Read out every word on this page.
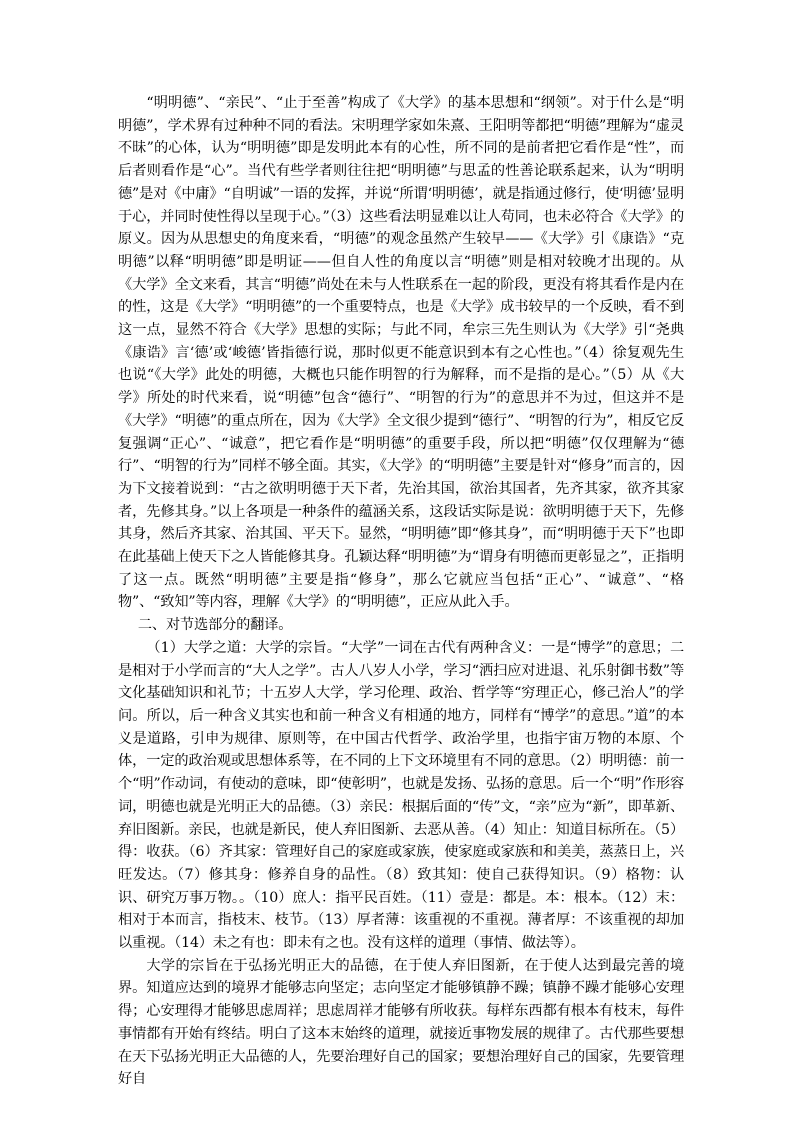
“明明德”、“亲民”、“止于至善”构成了《大学》的基本思想和“纲领”。对于什么是“明明德”，学术界有过种种不同的看法。宋明理学家如朱熹、王阳明等都把“明德”理解为“虚灵不昧”的心体，认为“明明德”即是发明此本有的心性，所不同的是前者把它看作是“性”，而后者则看作是“心”。当代有些学者则往往把“明明德”与思孟的性善论联系起来，认为“明明德”是对《中庸》“自明诚”一语的发挥，并说“所谓‘明明德’，就是指通过修行，使‘明德’显明于心，并同时使性得以呈现于心。”（3）这些看法明显难以让人苟同，也未必符合《大学》的原义。因为从思想史的角度来看，“明德”的观念虽然产生较早——《大学》引《康诰》“克明德”以释“明明德”即是明证——但自人性的角度以言“明德”则是相对较晚才出现的。从《大学》全文来看，其言“明德”尚处在未与人性联系在一起的阶段，更没有将其看作是内在的性，这是《大学》“明明德”的一个重要特点，也是《大学》成书较早的一个反映，看不到这一点，显然不符合《大学》思想的实际；与此不同，牟宗三先生则认为《大学》引“尧典《康诰》言‘德’或‘峻德’皆指德行说，那时似更不能意识到本有之心性也。”（4）徐复观先生也说“《大学》此处的明德，大概也只能作明智的行为解释，而不是指的是心。”（5）从《大学》所处的时代来看，说“明德”包含“德行”、“明智的行为”的意思并不为过，但这并不是《大学》“明德”的重点所在，因为《大学》全文很少提到“德行”、“明智的行为”，相反它反复强调“正心”、“诚意”，把它看作是“明明德”的重要手段，所以把“明德”仅仅理解为“德行”、“明智的行为”同样不够全面。其实，《大学》的“明明德”主要是针对“修身”而言的，因为下文接着说到：“古之欲明明德于天下者，先治其国，欲治其国者，先齐其家，欲齐其家者，先修其身。”以上各项是一种条件的蕴涵关系，这段话实际是说：欲明明德于天下，先修其身，然后齐其家、治其国、平天下。显然，“明明德”即“修其身”，而“明明德于天下”也即在此基础上使天下之人皆能修其身。孔颖达释“明明德”为“谓身有明德而更彰显之”，正指明了这一点。既然“明明德”主要是指“修身”，那么它就应当包括“正心”、“诚意”、“格物”、“致知”等内容，理解《大学》的“明明德”，正应从此入手。

二、对节选部分的翻译。

（1）大学之道：大学的宗旨。“大学”一词在古代有两种含义：一是“博学”的意思；二是相对于小学而言的“大人之学”。古人八岁人小学，学习“洒扫应对进退、礼乐射御书数”等文化基础知识和礼节；十五岁人大学，学习伦理、政治、哲学等“穷理正心，修己治人”的学问。所以，后一种含义其实也和前一种含义有相通的地方，同样有“博学”的意思。”道”的本义是道路，引申为规律、原则等，在中国古代哲学、政治学里，也指宇宙万物的本原、个体，一定的政治观或思想体系等，在不同的上下文环境里有不同的意思。（2）明明德：前一个“明”作动词，有使动的意味，即“使彰明”，也就是发扬、弘扬的意思。后一个“明”作形容词，明德也就是光明正大的品德。（3）亲民：根据后面的“传”文，“亲”应为“新”，即革新、弃旧图新。亲民，也就是新民，使人弃旧图新、去恶从善。（4）知止：知道目标所在。（5）得：收获。（6）齐其家：管理好自己的家庭或家族，使家庭或家族和和美美，蒸蒸日上，兴旺发达。（7）修其身：修养自身的品性。（8）致其知：使自己获得知识。（9）格物：认识、研究万事万物。。（10）庶人：指平民百姓。（11）壹是：都是。本：根本。（12）末：相对于本而言，指枝末、枝节。（13）厚者薄：该重视的不重视。薄者厚：不该重视的却加以重视。（14）未之有也：即未有之也。没有这样的道理（事情、做法等）。

大学的宗旨在于弘扬光明正大的品德，在于使人弃旧图新，在于使人达到最完善的境界。知道应达到的境界才能够志向坚定；志向坚定才能够镇静不躁；镇静不躁才能够心安理得；心安理得才能够思虑周祥；思虑周祥才能够有所收获。每样东西都有根本有枝末，每件事情都有开始有终结。明白了这本末始终的道理，就接近事物发展的规律了。古代那些要想在天下弘扬光明正大品德的人，先要治理好自己的国家；要想治理好自己的国家，先要管理好自
